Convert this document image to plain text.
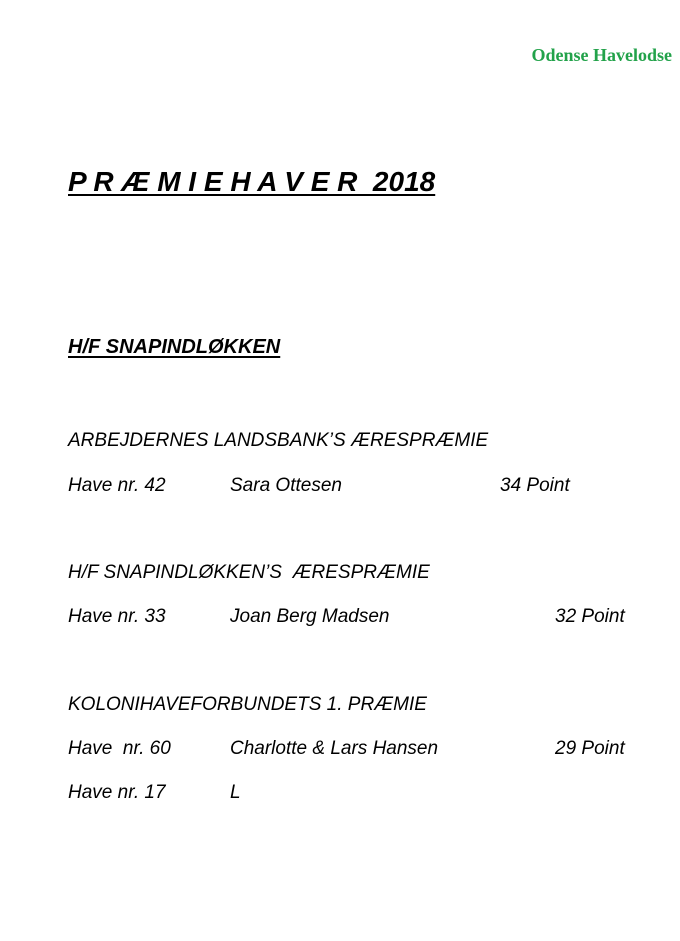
Odense Havelodse
P R Æ M I E H A V E R  2018
H/F SNAPINDLØKKEN
ARBEJDERNES LANDSBANK’S ÆRESPRÆMIE
Have nr. 42	Sara Ottesen	34 Point
H/F SNAPINDLØKKEN’S  ÆRESPRÆMIE
Have nr. 33	Joan Berg Madsen	32 Point
KOLONIHAVEFORBUNDETS 1. PRÆMIE
Have  nr. 60	Charlotte & Lars Hansen	29 Point
Have nr. 17	L
